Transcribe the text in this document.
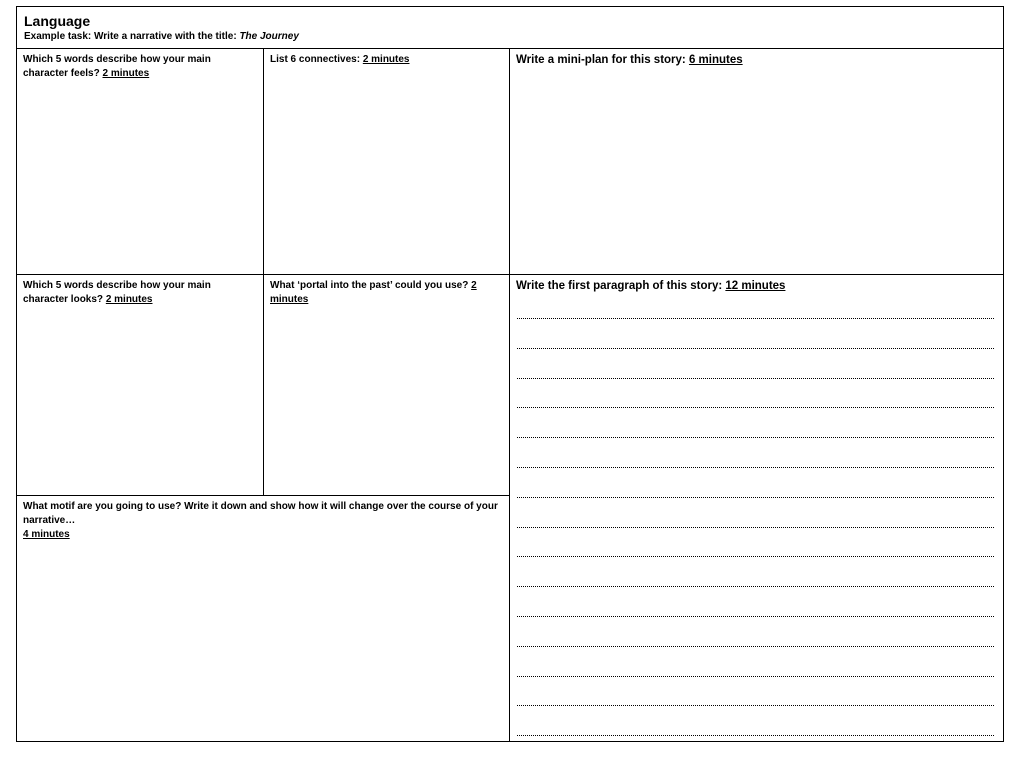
Language
Example task: Write a narrative with the title: The Journey
Which 5 words describe how your main character feels? 2 minutes
List 6 connectives: 2 minutes	Write a mini-plan for this story: 6 minutes
Which 5 words describe how your main character looks? 2 minutes
What ‘portal into the past’ could you use? 2 minutes
Write the first paragraph of this story: 12 minutes
What motif are you going to use? Write it down and show how it will change over the course of your narrative…
4 minutes
